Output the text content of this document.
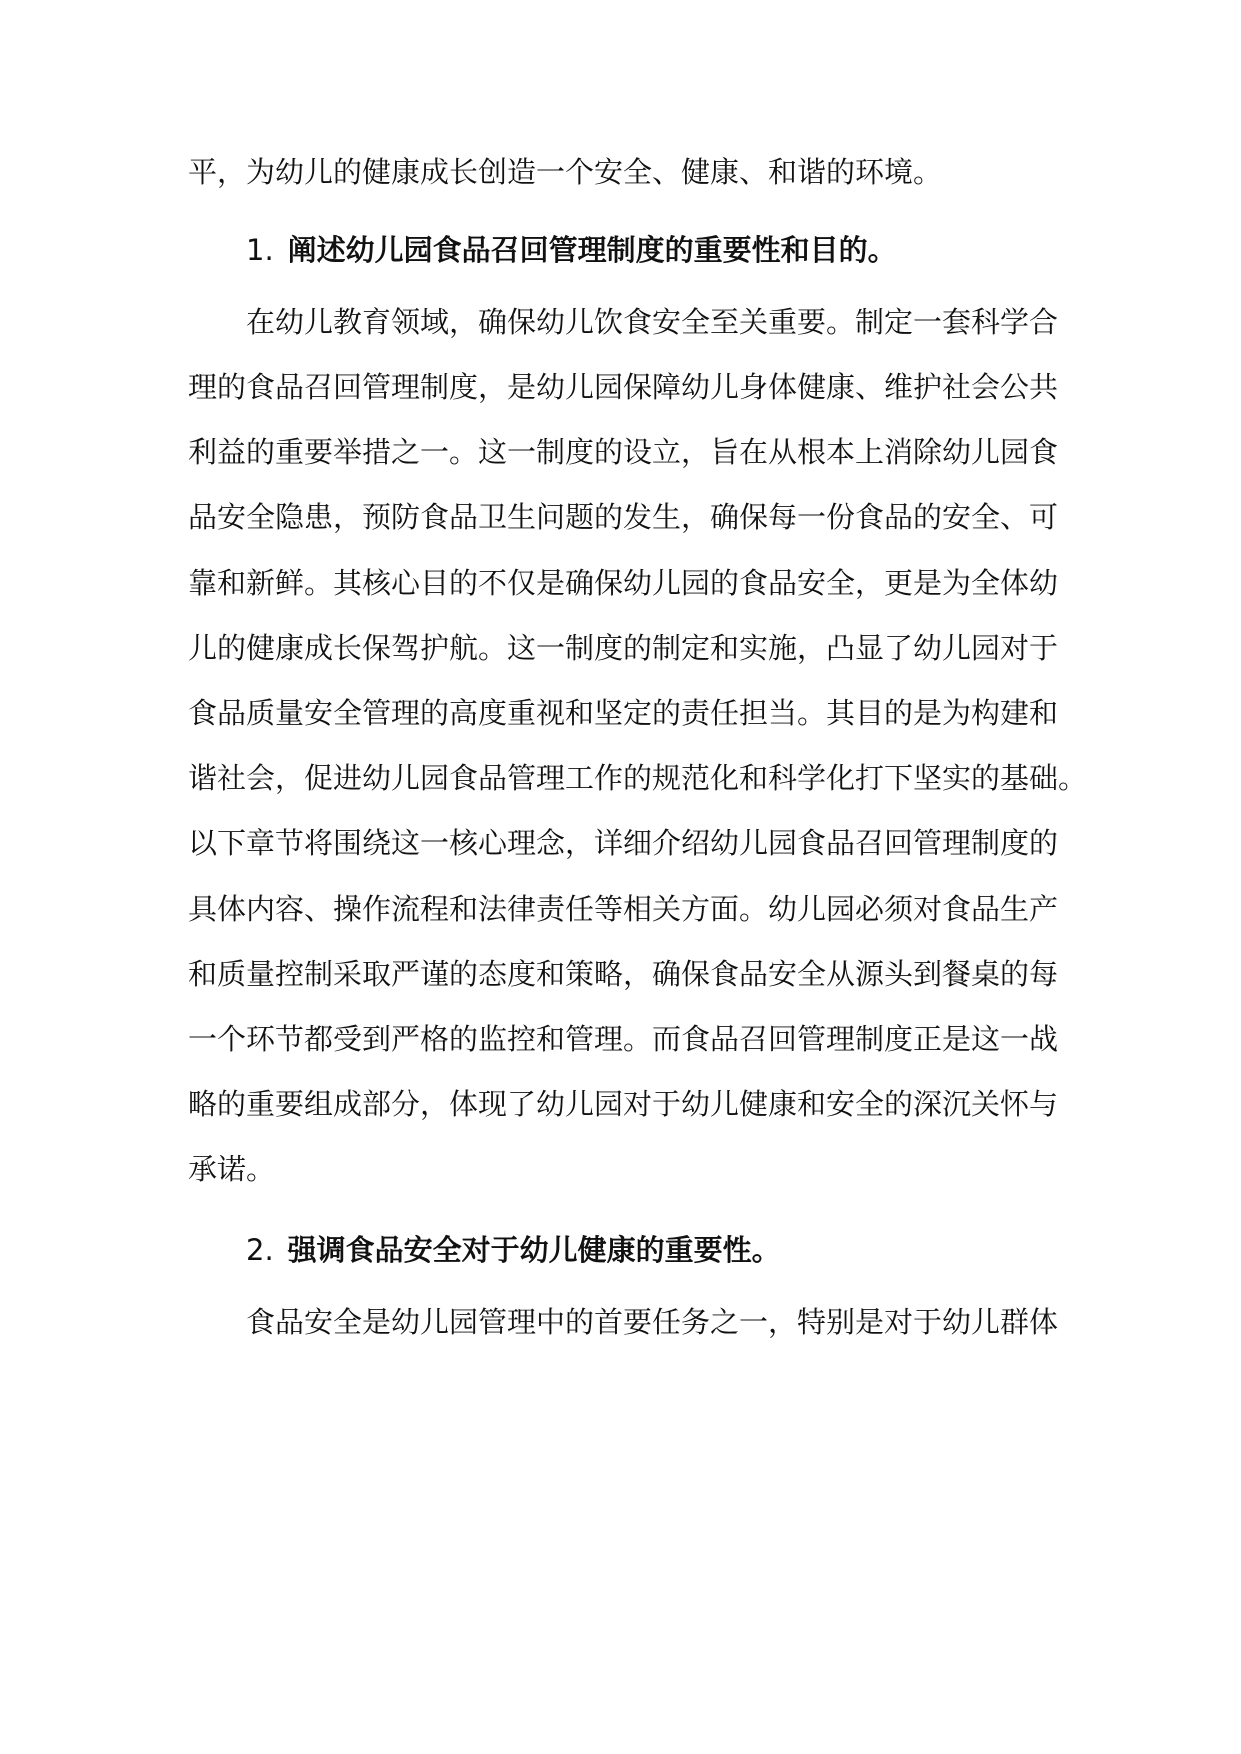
平，为幼儿的健康成长创造一个安全、健康、和谐的环境。
1. 阐述幼儿园食品召回管理制度的重要性和目的。
在幼儿教育领域，确保幼儿饮食安全至关重要。制定一套科学合
理的食品召回管理制度，是幼儿园保障幼儿身体健康、维护社会公共
利益的重要举措之一。这一制度的设立，旨在从根本上消除幼儿园食
品安全隐患，预防食品卫生问题的发生，确保每一份食品的安全、可
靠和新鲜。其核心目的不仅是确保幼儿园的食品安全，更是为全体幼
儿的健康成长保驾护航。这一制度的制定和实施，凸显了幼儿园对于
食品质量安全管理的高度重视和坚定的责任担当。其目的是为构建和
谐社会，促进幼儿园食品管理工作的规范化和科学化打下坚实的基础。
以下章节将围绕这一核心理念，详细介绍幼儿园食品召回管理制度的
具体内容、操作流程和法律责任等相关方面。幼儿园必须对食品生产
和质量控制采取严谨的态度和策略，确保食品安全从源头到餐桌的每
一个环节都受到严格的监控和管理。而食品召回管理制度正是这一战
略的重要组成部分，体现了幼儿园对于幼儿健康和安全的深沉关怀与
承诺。
2. 强调食品安全对于幼儿健康的重要性。
食品安全是幼儿园管理中的首要任务之一，特别是对于幼儿群体
